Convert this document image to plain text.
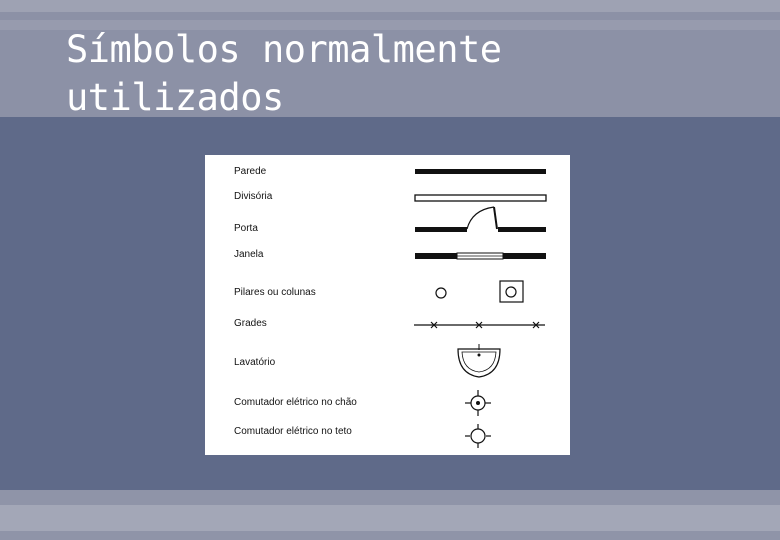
Símbolos normalmente utilizados
Parede
Divisória
Porta
Janela
Pilares ou colunas
Grades
Lavatório
Comutador elétrico no chão
Comutador elétrico no teto
